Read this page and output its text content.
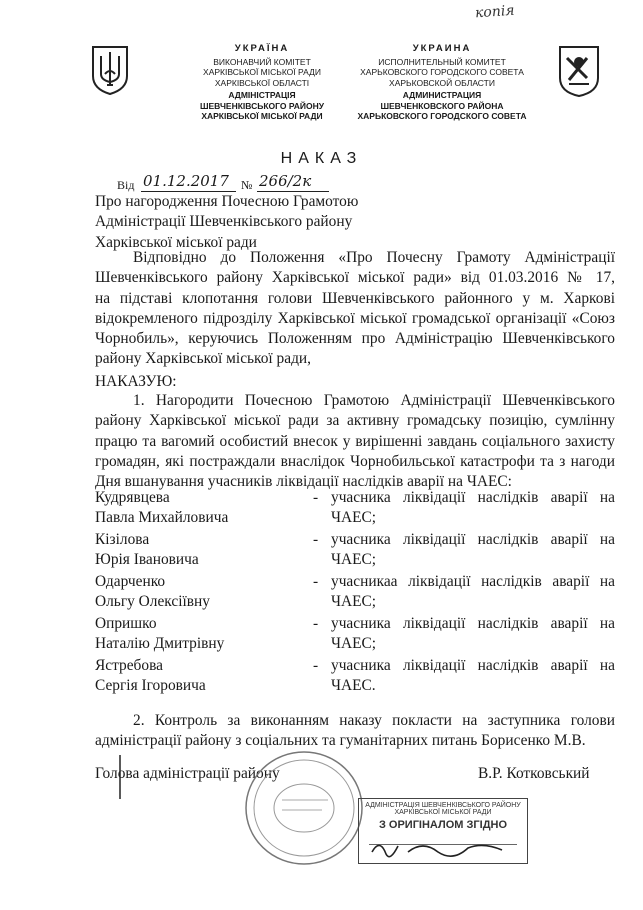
копія
УКРАЇНА
ВИКОНАВЧИЙ КОМІТЕТ
ХАРКІВСЬКОЇ МІСЬКОЇ РАДИ
ХАРКІВСЬКОЇ ОБЛАСТІ
АДМІНІСТРАЦІЯ
ШЕВЧЕНКІВСЬКОГО РАЙОНУ
ХАРКІВСЬКОЇ МІСЬКОЇ РАДИ
УКРАИНА
ИСПОЛНИТЕЛЬНЫЙ КОМИТЕТ
ХАРЬКОВСКОГО ГОРОДСКОГО СОВЕТА
ХАРЬКОВСКОЙ ОБЛАСТИ
АДМИНИСТРАЦИЯ
ШЕВЧЕНКОВСКОГО РАЙОНА
ХАРЬКОВСКОГО ГОРОДСКОГО СОВЕТА
НАКАЗ
Від 01.12.2017 № 266/2к
Про нагородження Почесною Грамотою
Адміністрації Шевченківського району
Харківської міської ради
Відповідно до Положення «Про Почесну Грамоту Адміністрації
Шевченківського району Харківської міської ради» від 01.03.2016 № 17,
на підставі клопотання голови Шевченківського районного у м. Харкові
відокремленого підрозділу Харківської міської громадської організації «Союз
Чорнобиль», керуючись Положенням про Адміністрацію Шевченківського
району Харківської міської ради,
НАКАЗУЮ:
1. Нагородити Почесною Грамотою Адміністрації Шевченківського
району Харківської міської ради за активну громадську позицію, сумлінну
працю та вагомий особистий внесок у вирішенні завдань соціального захисту
громадян, які постраждали внаслідок Чорнобильської катастрофи та з нагоди
Дня вшанування учасників ліквідації наслідків аварії на ЧАЕС:
Кудрявцева
Павла Михайловича
- учасника ліквідації наслідків аварії на
ЧАЕС;
Кізілова
Юрія Івановича
- учасника ліквідації наслідків аварії на
ЧАЕС;
Одарченко
Ольгу Олексіївну
- учасникаа ліквідації наслідків аварії на
ЧАЕС;
Опришко
Наталію Дмитрівну
- учасника ліквідації наслідків аварії на
ЧАЕС;
Ястребова
Сергія Ігоровича
- учасника ліквідації наслідків аварії на
ЧАЕС.
2. Контроль за виконанням наказу покласти на заступника голови
адміністрації району з соціальних та гуманітарних питань Борисенко М.В.
Голова адміністрації району	В.Р. Котковський
АДМІНІСТРАЦІЯ ШЕВЧЕНКІВСЬКОГО РАЙОНУ
ХАРКІВСЬКОЇ МІСЬКОЇ РАДИ
З ОРИГІНАЛОМ ЗГІДНО
